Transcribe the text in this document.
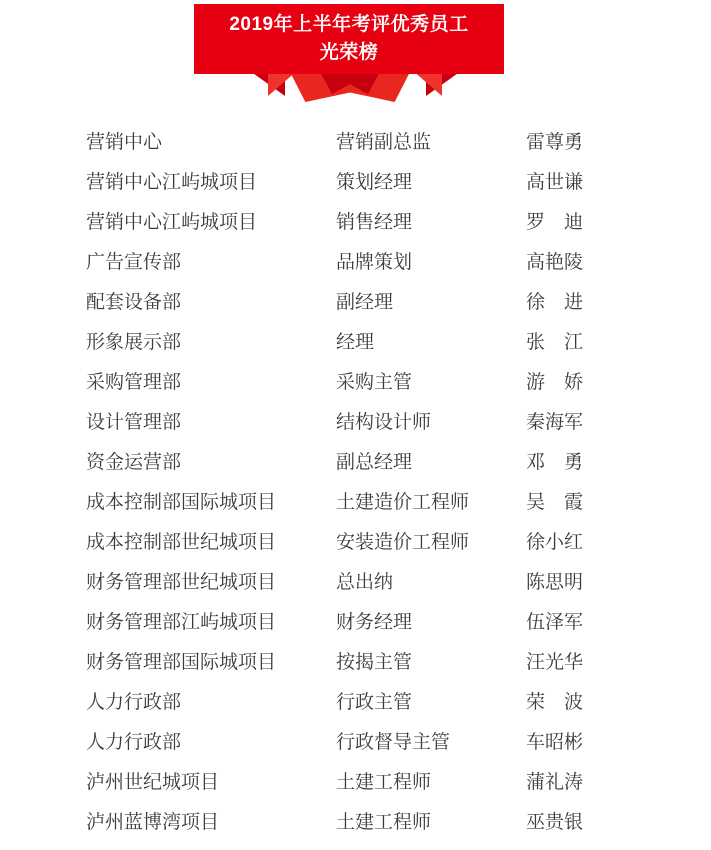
2019年上半年考评优秀员工
光荣榜
营销中心	营销副总监	雷尊勇
营销中心江屿城项目	策划经理	高世谦
营销中心江屿城项目	销售经理	罗　迪
广告宣传部	品牌策划	高艳陵
配套设备部	副经理	徐　进
形象展示部	经理	张　江
采购管理部	采购主管	游　娇
设计管理部	结构设计师	秦海军
资金运营部	副总经理	邓　勇
成本控制部国际城项目	土建造价工程师	吴　霞
成本控制部世纪城项目	安装造价工程师	徐小红
财务管理部世纪城项目	总出纳	陈思明
财务管理部江屿城项目	财务经理	伍泽军
财务管理部国际城项目	按揭主管	汪光华
人力行政部	行政主管	荣　波
人力行政部	行政督导主管	车昭彬
泸州世纪城项目	土建工程师	蒲礼涛
泸州蓝博湾项目	土建工程师	巫贵银
